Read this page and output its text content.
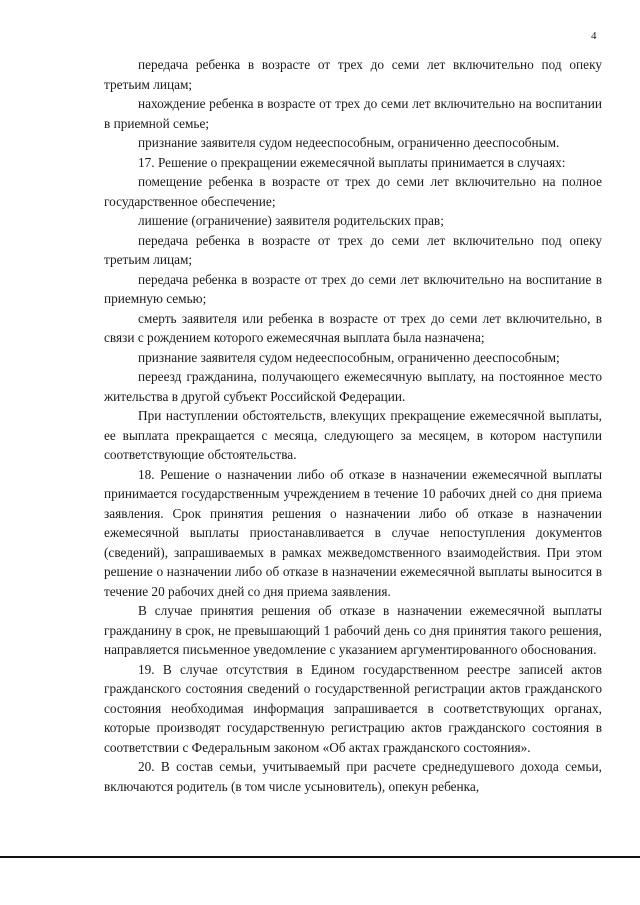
4

передача ребенка в возрасте от трех до семи лет включительно под опеку третьим лицам;

нахождение ребенка в возрасте от трех до семи лет включительно на воспитании в приемной семье;

признание заявителя судом недееспособным, ограниченно дееспособным.

17. Решение о прекращении ежемесячной выплаты принимается в случаях:

помещение ребенка в возрасте от трех до семи лет включительно на полное государственное обеспечение;

лишение (ограничение) заявителя родительских прав;

передача ребенка в возрасте от трех до семи лет включительно под опеку третьим лицам;

передача ребенка в возрасте от трех до семи лет включительно на воспитание в приемную семью;

смерть заявителя или ребенка в возрасте от трех до семи лет включительно, в связи с рождением которого ежемесячная выплата была назначена;

признание заявителя судом недееспособным, ограниченно дееспособным;

переезд гражданина, получающего ежемесячную выплату, на постоянное место жительства в другой субъект Российской Федерации.

При наступлении обстоятельств, влекущих прекращение ежемесячной выплаты, ее выплата прекращается с месяца, следующего за месяцем, в котором наступили соответствующие обстоятельства.

18. Решение о назначении либо об отказе в назначении ежемесячной выплаты принимается государственным учреждением в течение 10 рабочих дней со дня приема заявления. Срок принятия решения о назначении либо об отказе в назначении ежемесячной выплаты приостанавливается в случае непоступления документов (сведений), запрашиваемых в рамках межведомственного взаимодействия. При этом решение о назначении либо об отказе в назначении ежемесячной выплаты выносится в течение 20 рабочих дней со дня приема заявления.

В случае принятия решения об отказе в назначении ежемесячной выплаты гражданину в срок, не превышающий 1 рабочий день со дня принятия такого решения, направляется письменное уведомление с указанием аргументированного обоснования.

19. В случае отсутствия в Едином государственном реестре записей актов гражданского состояния сведений о государственной регистрации актов гражданского состояния необходимая информация запрашивается в соответствующих органах, которые производят государственную регистрацию актов гражданского состояния в соответствии с Федеральным законом «Об актах гражданского состояния».

20. В состав семьи, учитываемый при расчете среднедушевого дохода семьи, включаются родитель (в том числе усыновитель), опекун ребенка,
